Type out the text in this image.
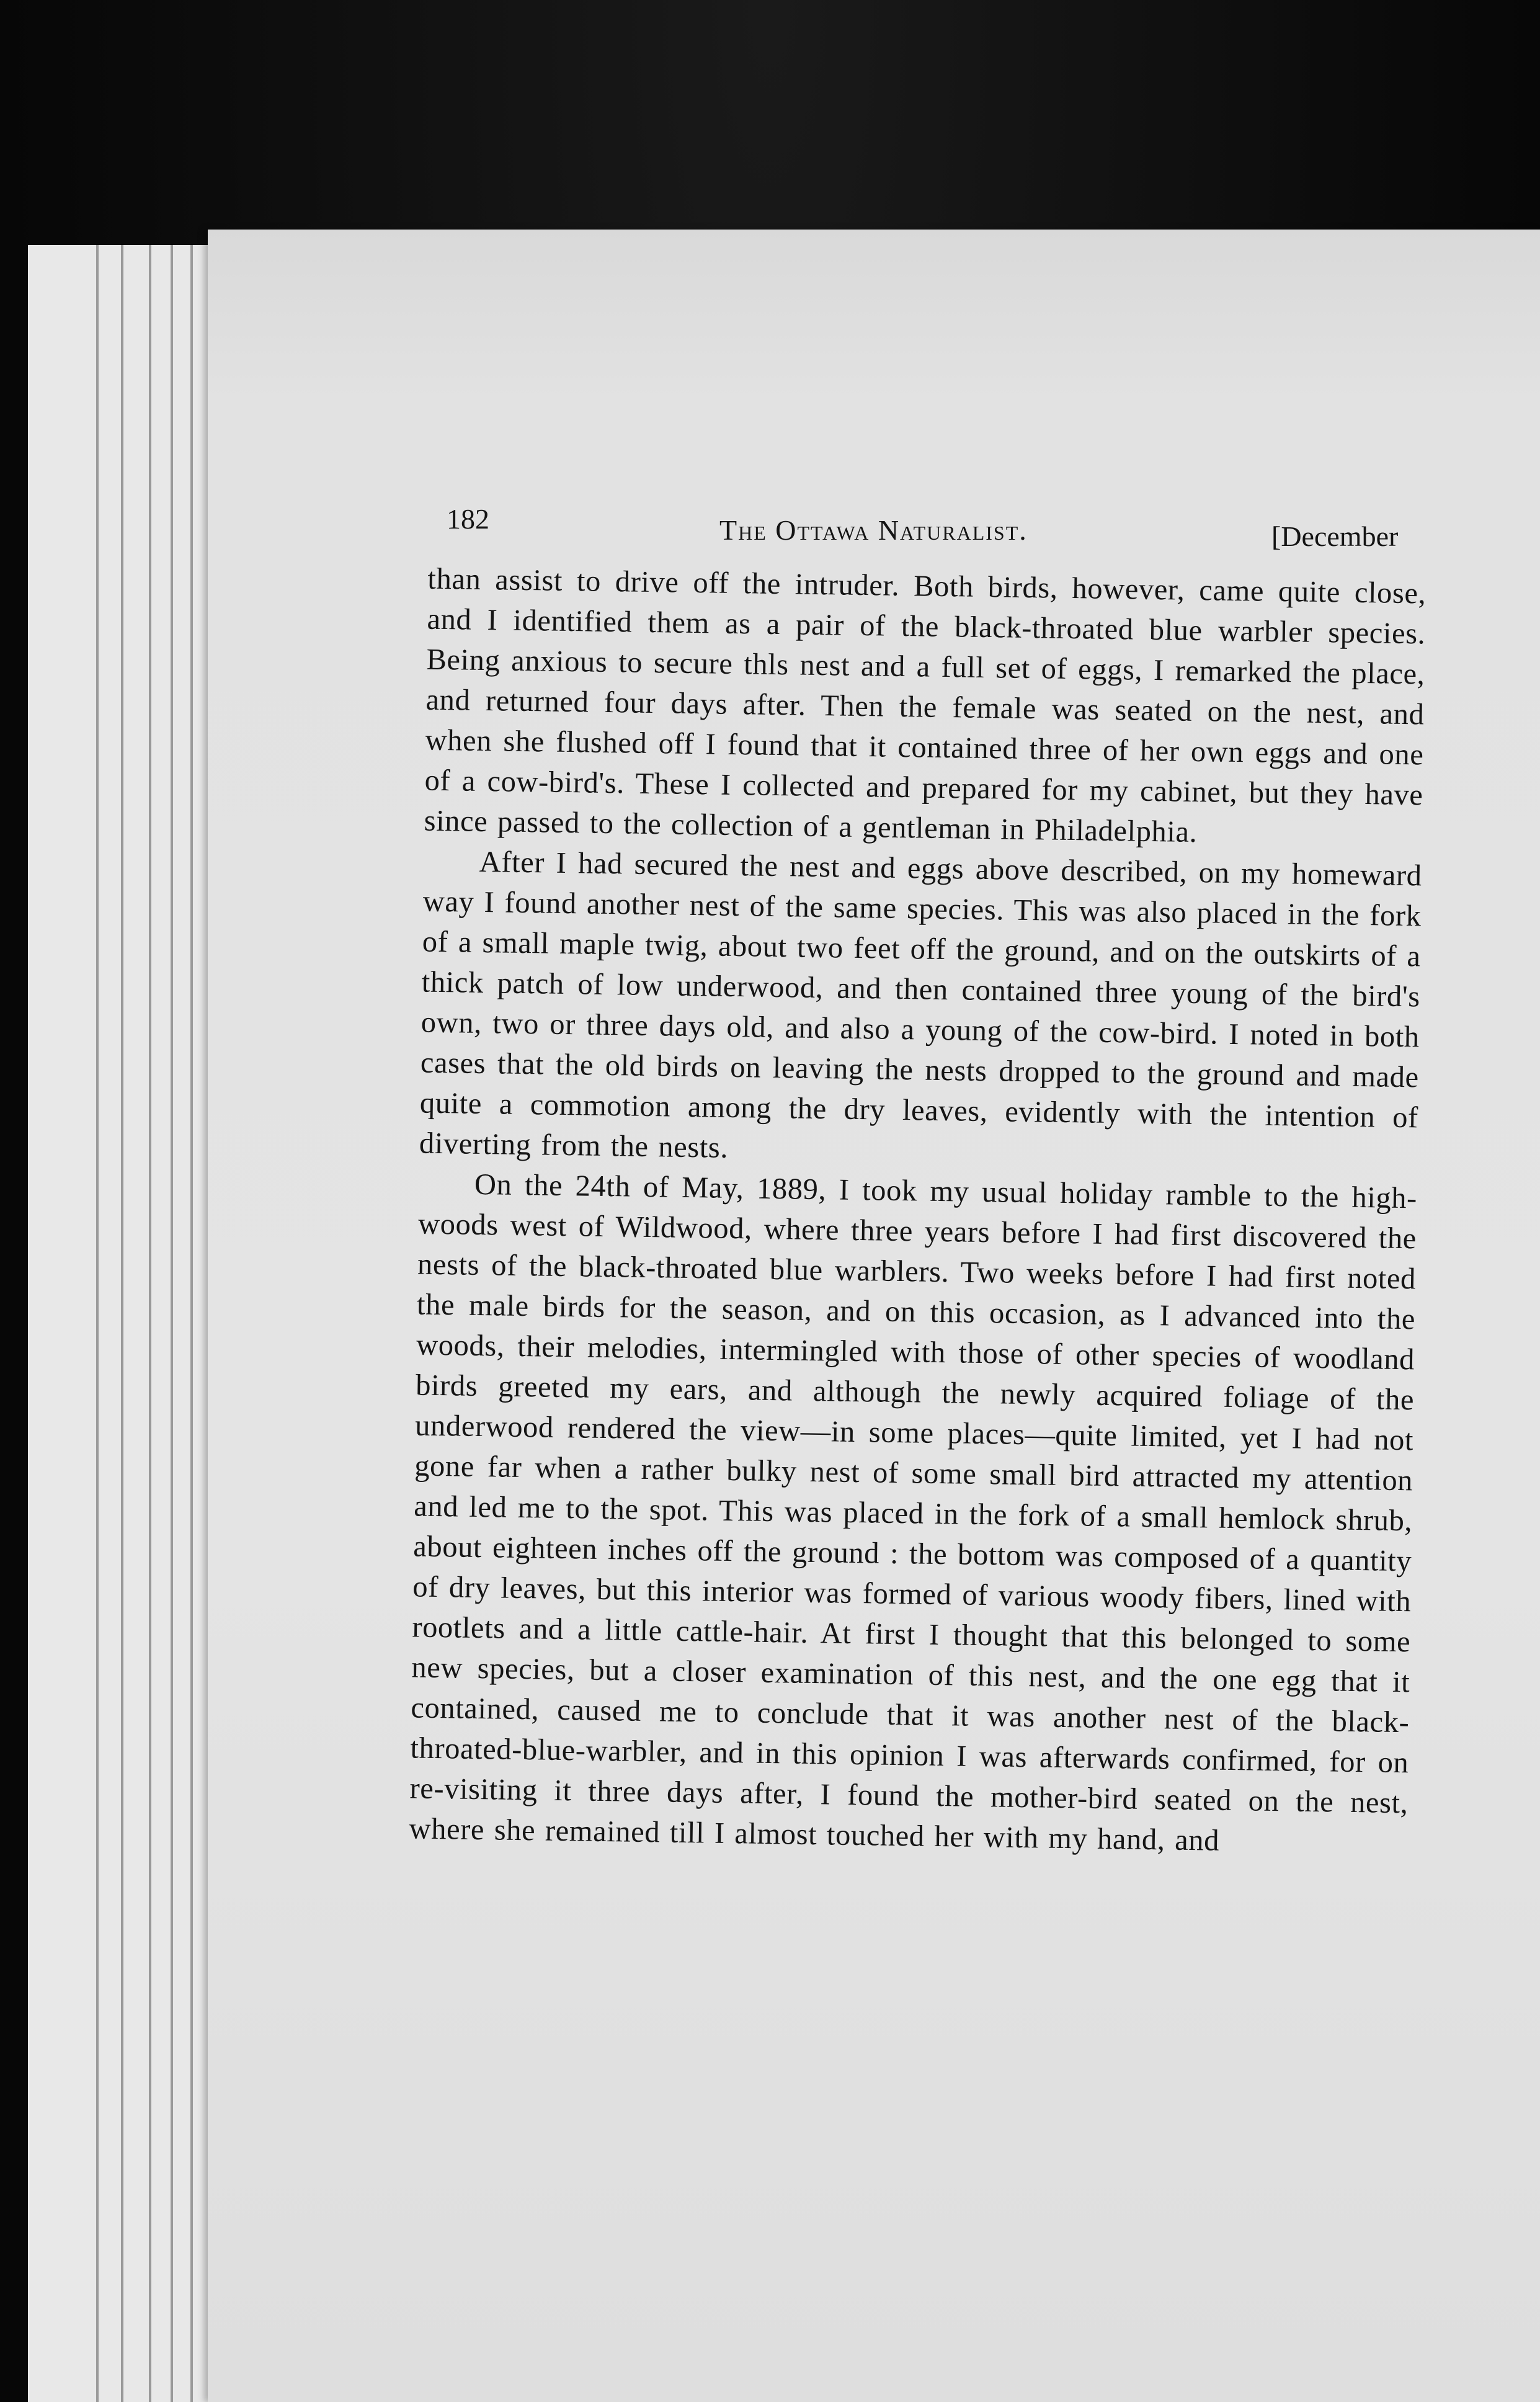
182	The Ottawa Naturalist.	[December

than assist to drive off the intruder. Both birds, however, came quite close, and I identified them as a pair of the black-throated blue warbler species. Being anxious to secure thls nest and a full set of eggs, I remarked the place, and returned four days after. Then the female was seated on the nest, and when she flushed off I found that it contained three of her own eggs and one of a cow-bird's. These I collected and prepared for my cabinet, but they have since passed to the collection of a gentleman in Philadelphia.

After I had secured the nest and eggs above described, on my homeward way I found another nest of the same species. This was also placed in the fork of a small maple twig, about two feet off the ground, and on the outskirts of a thick patch of low underwood, and then contained three young of the bird's own, two or three days old, and also a young of the cow-bird. I noted in both cases that the old birds on leaving the nests dropped to the ground and made quite a commotion among the dry leaves, evidently with the intention of diverting from the nests.

On the 24th of May, 1889, I took my usual holiday ramble to the high-woods west of Wildwood, where three years before I had first discovered the nests of the black-throated blue warblers. Two weeks before I had first noted the male birds for the season, and on this occasion, as I advanced into the woods, their melodies, intermingled with those of other species of woodland birds greeted my ears, and although the newly acquired foliage of the underwood rendered the view—in some places—quite limited, yet I had not gone far when a rather bulky nest of some small bird attracted my attention and led me to the spot. This was placed in the fork of a small hemlock shrub, about eighteen inches off the ground : the bottom was composed of a quantity of dry leaves, but this interior was formed of various woody fibers, lined with rootlets and a little cattle-hair. At first I thought that this belonged to some new species, but a closer examination of this nest, and the one egg that it contained, caused me to conclude that it was another nest of the black-throated-blue-warbler, and in this opinion I was afterwards confirmed, for on re-visiting it three days after, I found the mother-bird seated on the nest, where she remained till I almost touched her with my hand, and
